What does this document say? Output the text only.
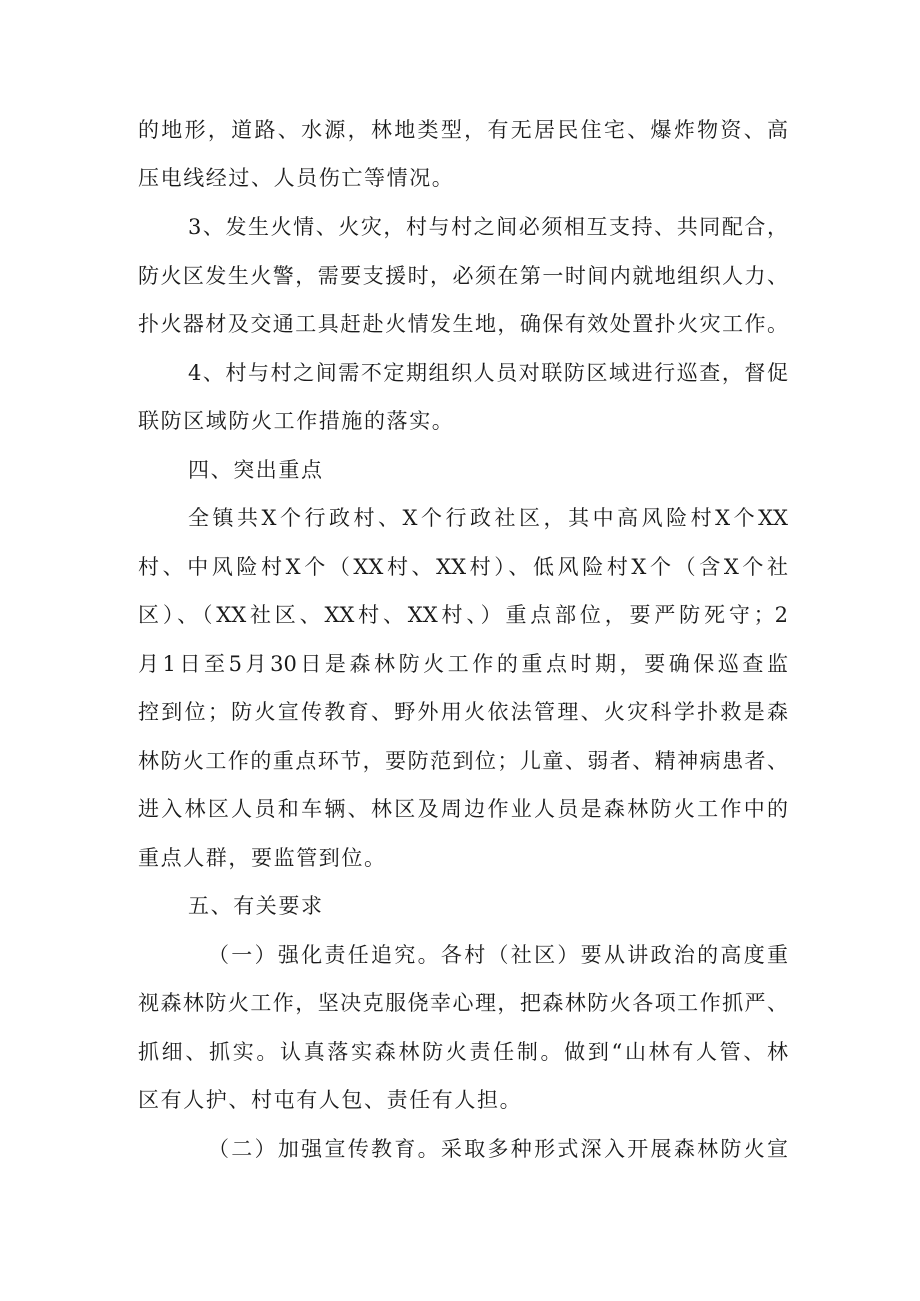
的地形，道路、水源，林地类型，有无居民住宅、爆炸物资、高
压电线经过、人员伤亡等情况。
3、发生火情、火灾，村与村之间必须相互支持、共同配合，
防火区发生火警，需要支援时，必须在第一时间内就地组织人力、
扑火器材及交通工具赶赴火情发生地，确保有效处置扑火灾工作。
4、村与村之间需不定期组织人员对联防区域进行巡查，督促
联防区域防火工作措施的落实。
四、突出重点
全镇共X个行政村、X个行政社区，其中高风险村X个XX
村、中风险村X个（XX村、XX村）、低风险村X个（含X个社
区）、（XX社区、XX村、XX村、）重点部位，要严防死守；2
月1日至5月30日是森林防火工作的重点时期，要确保巡查监
控到位；防火宣传教育、野外用火依法管理、火灾科学扑救是森
林防火工作的重点环节，要防范到位；儿童、弱者、精神病患者、
进入林区人员和车辆、林区及周边作业人员是森林防火工作中的
重点人群，要监管到位。
五、有关要求
（一）强化责任追究。各村（社区）要从讲政治的高度重
视森林防火工作，坚决克服侥幸心理，把森林防火各项工作抓严、
抓细、抓实。认真落实森林防火责任制。做到“山林有人管、林
区有人护、村屯有人包、责任有人担。
（二）加强宣传教育。采取多种形式深入开展森林防火宣
